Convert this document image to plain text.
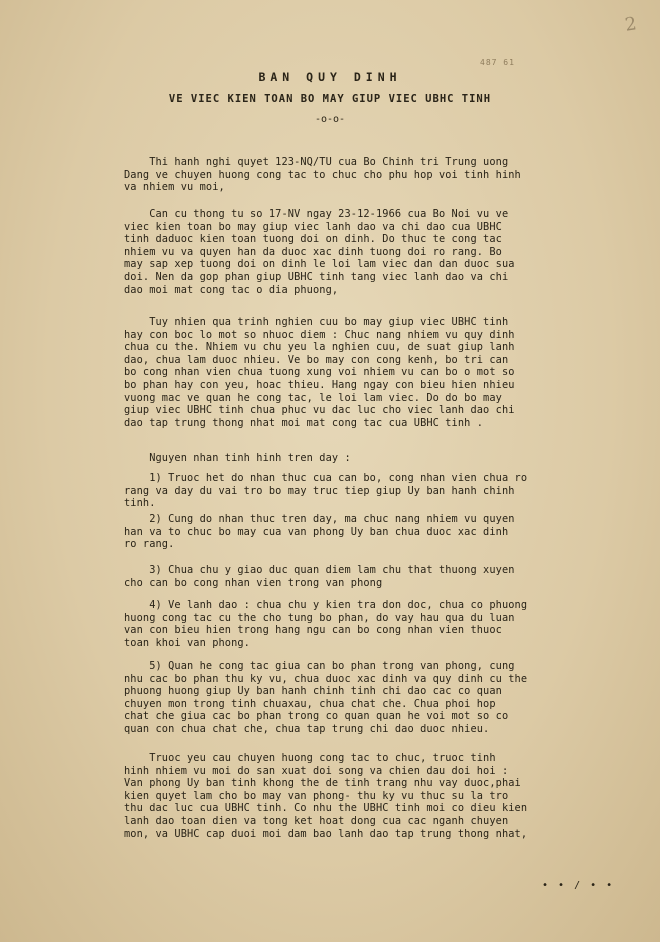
2
487 61
BAN QUY DINH
VE VIEC KIEN TOAN BO MAY GIUP VIEC UBHC TINH
-o-o-
Thi hanh nghi quyet 123-NQ/TU cua Bo Chinh tri Trung uong
Dang ve chuyen huong cong tac to chuc cho phu hop voi tinh hinh
va nhiem vu moi,
Can cu thong tu so 17-NV ngay 23-12-1966 cua Bo Noi vu ve
viec kien toan bo may giup viec lanh dao va chi dao cua UBHC
tinh daduoc kien toan tuong doi on dinh. Do thuc te cong tac
nhiem vu va quyen han da duoc xac dinh tuong doi ro rang. Bo
may sap xep tuong doi on dinh le loi lam viec dan dan duoc sua
doi. Nen da gop phan giup UBHC tinh tang viec lanh dao va chi
dao moi mat cong tac o dia phuong,
Tuy nhien qua trinh nghien cuu bo may giup viec UBHC tinh
hay con boc lo mot so nhuoc diem : Chuc nang nhiem vu quy dinh
chua cu the. Nhiem vu chu yeu la nghien cuu, de suat giup lanh
dao, chua lam duoc nhieu. Ve bo may con cong kenh, bo tri can
bo cong nhan vien chua tuong xung voi nhiem vu can bo o mot so
bo phan hay con yeu, hoac thieu. Hang ngay con bieu hien nhieu
vuong mac ve quan he cong tac, le loi lam viec. Do do bo may
giup viec UBHC tinh chua phuc vu dac luc cho viec lanh dao chi
dao tap trung thong nhat moi mat cong tac cua UBHC tinh .
Nguyen nhan tinh hinh tren day :
1) Truoc het do nhan thuc cua can bo, cong nhan vien chua ro
rang va day du vai tro bo may truc tiep giup Uy ban hanh chinh
tinh.
2) Cung do nhan thuc tren day, ma chuc nang nhiem vu quyen
han va to chuc bo may cua van phong Uy ban chua duoc xac dinh
ro rang.
3) Chua chu y giao duc quan diem lam chu that thuong xuyen
cho can bo cong nhan vien trong van phong
4) Ve lanh dao : chua chu y kien tra don doc, chua co phuong
huong cong tac cu the cho tung bo phan, do vay hau qua du luan
van con bieu hien trong hang ngu can bo cong nhan vien thuoc
toan khoi van phong.
5) Quan he cong tac giua can bo phan trong van phong, cung
nhu cac bo phan thu ky vu, chua duoc xac dinh va quy dinh cu the
phuong huong giup Uy ban hanh chinh tinh chi dao cac co quan
chuyen mon trong tinh chuaxau, chua chat che. Chua phoi hop
chat che giua cac bo phan trong co quan quan he voi mot so co
quan con chua chat che, chua tap trung chi dao duoc nhieu.
Truoc yeu cau chuyen huong cong tac to chuc, truoc tinh
hinh nhiem vu moi do san xuat doi song va chien dau doi hoi :
Van phong Uy ban tinh khong the de tinh trang nhu vay duoc,phai
kien quyet lam cho bo may van phong- thu ky vu thuc su la tro
thu dac luc cua UBHC tinh. Co nhu the UBHC tinh moi co dieu kien
lanh dao toan dien va tong ket hoat dong cua cac nganh chuyen
mon, va UBHC cap duoi moi dam bao lanh dao tap trung thong nhat,
• • / • •
